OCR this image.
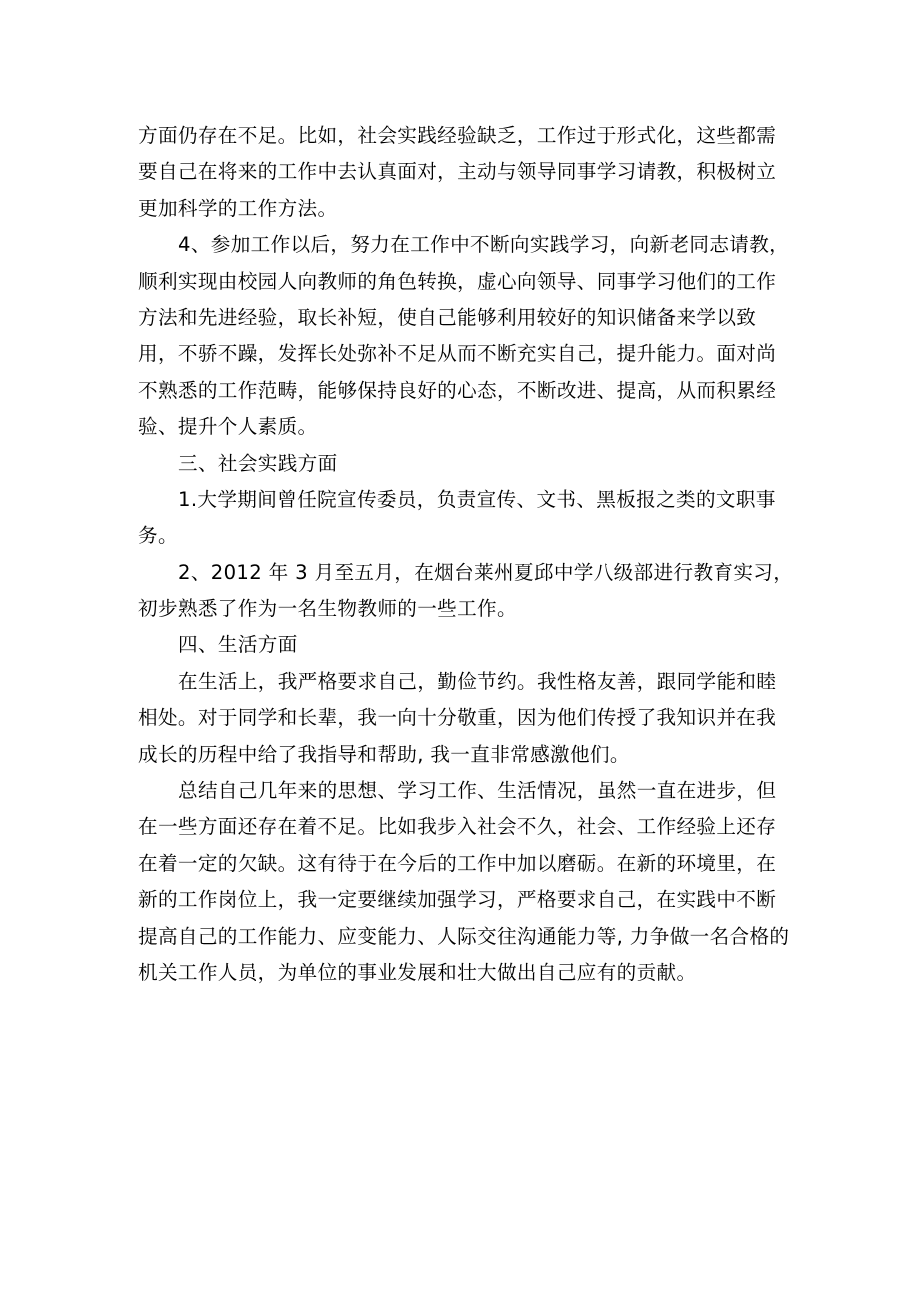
方面仍存在不足。比如，社会实践经验缺乏，工作过于形式化，这些都需
要自己在将来的工作中去认真面对，主动与领导同事学习请教，积极树立
更加科学的工作方法。
4、参加工作以后，努力在工作中不断向实践学习，向新老同志请教，
顺利实现由校园人向教师的角色转换，虚心向领导、同事学习他们的工作
方法和先进经验，取长补短，使自己能够利用较好的知识储备来学以致
用，不骄不躁，发挥长处弥补不足从而不断充实自己，提升能力。面对尚
不熟悉的工作范畴，能够保持良好的心态，不断改进、提高，从而积累经
验、提升个人素质。
三、社会实践方面
1.大学期间曾任院宣传委员，负责宣传、文书、黑板报之类的文职事
务。
2、2012 年 3 月至五月，在烟台莱州夏邱中学八级部进行教育实习，
初步熟悉了作为一名生物教师的一些工作。
四、生活方面
在生活上，我严格要求自己，勤俭节约。我性格友善，跟同学能和睦
相处。对于同学和长辈，我一向十分敬重，因为他们传授了我知识并在我
成长的历程中给了我指导和帮助, 我一直非常感激他们。
总结自己几年来的思想、学习工作、生活情况，虽然一直在进步，但
在一些方面还存在着不足。比如我步入社会不久，社会、工作经验上还存
在着一定的欠缺。这有待于在今后的工作中加以磨砺。在新的环境里，在
新的工作岗位上，我一定要继续加强学习，严格要求自己，在实践中不断
提高自己的工作能力、应变能力、人际交往沟通能力等, 力争做一名合格的
机关工作人员，为单位的事业发展和壮大做出自己应有的贡献。
